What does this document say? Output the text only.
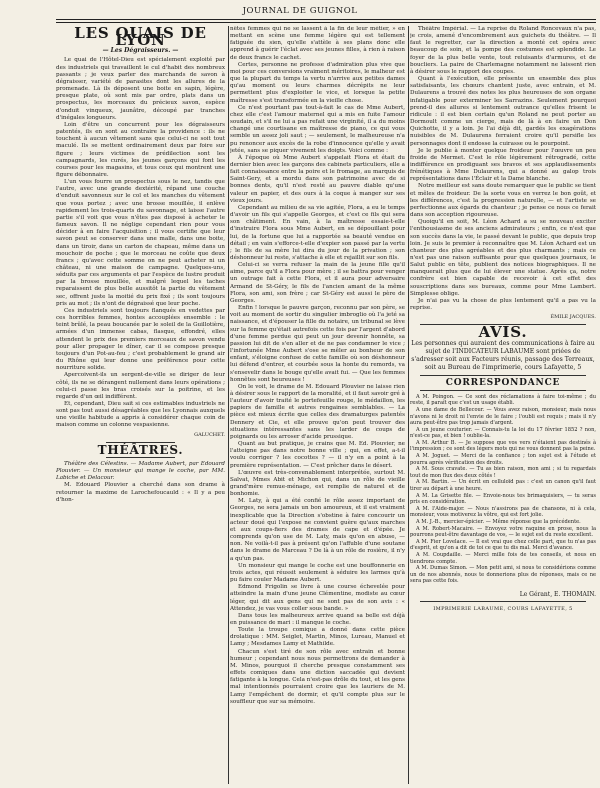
JOURNAL DE GUIGNOL
LES QUAIS DE LYON
— Les Dégraisseurs. —

Le quai de l'Hôtel-Dieu est spécialement exploité par des industriels qui travaillent le cul d'habit des nombreux passants ; je veux parler des marchands de savon à dégraisser, variété de parasites dont les allures de la promenade. Là ils déposent une boite en sapin, légère, presque plate, où sont mis par ordre, plats dans un prospectus, les morceaux du précieux savon, espèce d'onduit vinqueux, jaunâtre, découpé par tranches d'inégales longueurs.

Loin d'être un concurrent pour les dégraisseurs patentés, ils en sont au contraire la providence : ils ne touchent à aucun vêtement sans que celui-ci ne soit tout maculé. Ils se mettent ordinairement deux par foire sur figure ; leurs victimes de prédilection sont les campagnards, les curés, les jeunes garçons qui font les courses pour les magasins, et tous ceux qui montrent une figure débonnaire.

L'un vous fourre un prospectus sous le nez, tandis que l'autre, avec une grande dextérité, répand une couche d'enduit savonneux sur le col et les manches du vêtement que vous portez ; avec une brosse mouillée, il enlève rapidement les trois-quarts du savonnage, et laisse l'autre partie s'il voit que vous n'êtes pas disposé à acheter le fameux savon. Il ne néglige cependant rien pour vous décider à en faire l'acquisition ; il vous certifie que leur savon peut se conserver dans une malle, dans une boite, dans un tiroir, dans un carton de chapeau, même dans un mouchoir de poche ; que le morceau ne coûte que deux francs ; qu'avec cette somme on ne peut acheter ni un château, ni une maison de campagne. Quelques-uns, séduits par ces arguments et par l'espèce de lustre produit par la brosse mouillée, et malgré lequel les taches reparaissent de plus belle aussitôt la partie du vêtement sec, offrent juste la moitié du prix fixé ; ils sont toujours pris au mot ; ils n'ont de dégraissé que leur poche.

Ces industriels sont toujours flanqués en vedettes par ces horribles femmes, hontes accouplées ensemble : le teint brûlé, la peau boucanée par le soleil de la Guillotière, armées d'un immense cabas, flasque, effondré, elles attendent le prix des premiers morceaux de savon vendu pour aller propager le dîner, car il se compose presque toujours d'un Pot-au-feu ; c'est probablement le grand air du Rhône qui leur donne une préférence pour cette nourriture solide.

Apercoivent-ils un sergent-de-ville se diriger de leur côté, ils ne se dérangent nullement dans leurs opérations ; celui-ci passe les bras croisés sur la poitrine, et les regarde d'un œil indifférent.

Et, cependant, Dieu sait si ces estimables industriels ne sont pas tout aussi désagréables que les Lyonnais auxquels une vieille habitude a appris à considérer chaque coin de maison comme un colonne vespasienne.

GALUCHET.
THÉÂTRES.

Théâtre des Célestins. — Madame Aubert, par Edouard Plouvier. — Un monsieur qui mange le coche, par MM. Labiche et Delacour.

M. Edouard Plouvier a cherché dans son drame à retourner la maxime de Larochefoucauld : « Il y a peu d'hon-

nêtes femmes qui ne se lassent à la fin de leur métier, » en mettant en scène une femme légère qui est tellement fatiguée du sien, qu'elle s'attèle à ses plans donc elle apprend à guérir l'éclat avec ses jeunes filles, à rien à raison de deux francs le cachet.

Certes, personne ne professe d'admiration plus vive que moi pour ces conversions vraiment méritoires, le malheur est que la plupart du temps la vertu n'arrive aux petites dames qu'au moment ou leurs charmes décrépits ne leur permettent plus d'exploiter le vice, et lorsque la petite maîtresse s'est transformée en la vieille chose.

Ce n'est pourtant pas tout-à-fait le cas de Mme Aubert, chez elle c'est l'amour maternel qui a mis en fuite l'amour soudain, et s'il ne lui a pas refait une virginité, il a du moins changé une courtisane en maîtresse de piano, ce qui vous semble un assez joli saut ; — seulement, le malheureuse n'a pu renoncer aux excès de la robe d'innocence qu'elle y avait jetée, sans se piquer vivement les doigts. Voici comme :

À l'époque où Mme Aubert s'appelait Flora et était du dernier bien avec les garçons des cabinets particuliers, elle a fait connaissance entre la poire et le fromage, au marquis de Saint-Gery, et a mordu dans son patrimoine avec de si bonnes dents, qu'il n'est resté au pauvre diable qu'une valeur en papier, et des ours à la coque à manger sur ses vieux jours.

Cependant au milieu de sa vie agitée, Flora, a eu le temps d'avoir un fils qui s'appelle Georges, et c'est ce fils qui sera son châtiment. En vain, à la maîtresse essaie-t-elle d'instruire Flora sous Mme Aubert, en se dépouillant pour lui, de la fortune que lui a rapportée sa beauté vendue en détail ; en vain s'efforce-t-elle d'expier son passé par la vertu ; le fils de sa mère lui dira du jour de la privation ; son déshonneur lui reste, s'attache à elle et rejaillit sur son fils.

Celui-ci se verra refuser la main de la jeune fille qu'il aime, parce qu'il a Flora pour mère ; il se battra pour venger un outrage fait à cette Flora, et il aura pour adversaire Armand de St-Géry, le fils de l'ancien amant de la même Flora, son ami, son frère ; car St-Géry est aussi le père de Georges.

Enfin ! lorsque le pauvre garçon, reconnu par son père, se voit au moment de sortir du singulier imbroglio où l'a jeté sa naissance, et d'épouser la fille du notaire, un tribunal se lève sur la femme qu'était autrefois cette fois par l'argent d'abord d'une femme perdue qui peut un jour devenir honnête, sa passion lui dit de s'en aller et de ne pas condamner le vice ; l'infortunée Mme Aubert s'ose se mêler au bonheur de son enfant, s'éloigne confuse de cette famille où son déshonneur lui défend d'entrer, et courbée sous la honte du remords, va s'ensevelir dans le bouge qu'elle avait fui. — Que les femmes honnêtes sont heureuses !

On le voit, le drame de M. Edouard Plouvier ne laisse rien à désirer sous le rapport de la moralité, et il faut savoir gré à l'auteur d'avoir traité le portefeuille rouge, le médaillon, les papiers de famille et autres rengaines semblables. — La pièce est mieux écrite que celles des dramaturges patentés Dennery et Cie, et elle prouve qu'on peut trouver des situations intéressantes sans les larder de coups de poignards ou les arroser d'acide prussique.

Quant au but pratique, je crains que M. Ed. Plouvier, ne l'atteigne pas dans notre bonne ville ; qui, en effet, a-t-il voulu corriger ? les cocottes ? — il n'y en a point à la première représentation. — C'est prêcher dans le désert.

L'œuvre est très-convenablement interprétée, surtout M. Salvat, Mmes Abit et Michon qui, dans un rôle de vieille grand'mère remue-ménage, est remplie de naturel et de bonhomie.

M. Laty, à qui a été confié le rôle assez important de Georges, ne sera jamais un bon amoureux, et il est vraiment inexplicable que la Direction s'obstine à faire concourir un acteur doué qui l'expose ne convient guère qu'aux marches et aux coups-fiers des drames de cape et d'épée. Je comprends qu'on use de M. Laty, mais qu'on en abuse, — non. Ne voilà-t-il pas à présent qu'on l'affuble d'une soutane dans le drame de Marceau ? De là à un rôle de rosière, il n'y a qu'un pas.

Un monsieur qui mange le coche est une bouffonnerie en trois actes, qui réussit seulement à séduire les larmes qu'à pu faire couler Madame Aubert.

Edmond Frigolin se livre à une course échevelée pour atteindre la main d'une jeune Clémentine, modiste au cœur léger, qui dit aux gens qui ne sont pas de son avis : « Attendez, je vas vous coller sous bande. »

Dans tous les malheureux arrive quand sa belle est déjà en puissance de mari : il manque le coche.

Toute la troupe comique a donné dans cette pièce drolatique : MM. Seiglet, Martin, Minos, Lureau, Manuel et Lamy ; Mesdames Lamy et Mathilde.

Chacun s'est tiré de son rôle avec entrain et bonne humeur ; cependant nous nous permettrons de demander à M. Minos, pourquoi il cherche presque constamment ses effets comiques dans une diction saccadée qui devient fatigante à la longue. Cela n'est-pas drôle du tout, et les gens mal intentionnés pourraient croire que les lauriers de M. Lamy l'empêchent de dormir, et qu'il compte plus sur le souffleur que sur sa mémoire.

Théâtre Impérial. — La reprise du Roland Roncevaux n'a pas, je crois, amené d'encombrement aux guichets du théâtre. — Il faut le regretter, car la direction a monté cet opéra avec beaucoup de soin, et la pompe des costumes est splendide. Le foyer de la plus belle vente, tout reluisants d'armures, et de boucliers. La paire de Charlemagne notamment ne laissent rien à désirer sous le rapport des coupes.

Quant à l'exécution, elle présente un ensemble des plus satisfaisants, les chœurs chantent juste, avec entrain, et M. Dulaurens a trouvé des notes les plus heureuses de son organe infatigable pour exterminer les Sarrazins. Seulement pourquoi prend-il des allures si lentement outrance qu'elles frisent le ridicule : il est bien certain qu'un Roland ne peut porter au Dormoult comme un cierge, mais de là à en faire un Don Quichotte, il y a loin. Je l'ai déjà dit, gardés les exagérations nuisibles de M. Dulaurens ferraient croire qu'il persifle les personnages dont il endosse la cuirasse ou le pourpoint.

Je le publie à monter quelque froideur pour l'œuvre un peu froide de Mermet. C'est le rôle légèrement rétrogradé, cette indifférence en prodiguant ses bravos et ses applaudissements frénétiques à Mme Dulaurens, qui a donné au galop trois représentations dans l'Éclair et la Dame blanche.

Notre meilleur est sans doute remarquer que le public se tient et mêles de froideur. De la sorte vous en verrez le bon goût, et les différences, c'est la progression naturelle, — et l'artiste se perfectionne aux égards du chanteur ; je pense ce nous ce ferait dans son acception rigoureuse.

Quoiqu'il en soit, M. Léon Achard a su se nouveau exciter l'enthousiasme de ses anciens admirateurs ; enfin, ce n'est que son succès dans la vie, le passé devant le public, que depuis trop loin. Je suis le premier à reconnaître que M. Léon Achard est un chanteur des plus agréables et des plus charmants ; mais ce n'est pas une raison suffisante pour que quelques journaux, le Salut public en tête, publient des notices biographiques. Il ne manquerait plus que de lui élever une statue. Après ça, notre confrère est bien capable de recevoir à cet effet des souscriptions dans ses bureaux, comme pour Mme Lambert. Simplesse oblige.

Je n'ai pas vu la chose de plus lentement qu'il a pas vu la reprise.

ÉMILE JACQUES.
AVIS.
Les personnes qui auraient des communications à faire au sujet de l'INDICATEUR LABAUME sont priées de s'adresser soit aux Facteurs réunis, passage des Terreaux, soit au Bureau de l'imprimerie, cours Lafayette, 5
CORRESPONDANCE

A M. Poingon. — Ce sont des réclamations à faire toi-même ; du reste, il paraît que c'est un usage établi.

A une dame de Bellecour. — Vous avez raison, monsieur, mais nous n'avons ni le droit ni l'envie de le faire ; l'oubli est requis ; mais il n'y aura peut-être pas trop jamais d'argent.

A un jeune couturier. — Connais-tu la loi du 17 février 1852 ? non, n'est-ce pas, et bien ! oublie-la.

A M. Arthur B. — Je suppose que vos vers n'étaient pas destinés à l'impression ; ce sont des légers mots qui ne vous donnent pas la peine.

A M. Joguet. — Merci de la confiance ; ton sujet est à l'étude et pourra après vérification des droits.

A M. Sous cravate. — Tu as bien raison, mon ami ; si tu regardais tout de mon flux des deux côtés !

A M. Bartin. — Un écrit en celluloïd pas : c'est un canon qu'il faut tirer au départ à une heure.

A M. La Grisette file. — Envoie-nous tes brimaquisiers, — tu seras pris en considération.

A M. l'Aide-major. — Nous n'assirons pas de chansons, ni à cela, monsieur, vous motiverez la vôtre, qui est fort jolie.

A M. J.-B., mercier-épicier. — Même réponse que la précédente.

A M. Robert-Macaire. — Envoyez votre raquine en prose, nous la pourrons peut-être davantage de vos, — le sujet est du reste excellent.

A M. Fier Lovelace. — Il est vrai que chez celle part, que tu n'as pas d'esprit, et qu'on a dit de toi ce que tu dis mal. Merci d'avance.

A M. Coupdaille. — Merci mille fois de tes conseils, et nous en tiendrons compte.

A M. Dumas Simon. — Mon petit ami, si nous te considérions comme un de nos abonnés, nous te donnerions plus de réponses, mais ce ne sera pas cette fois.

Le Gérant, E. THOMAIN.
IMPRIMERIE LABAUME, COURS LAFAYETTE, 5
